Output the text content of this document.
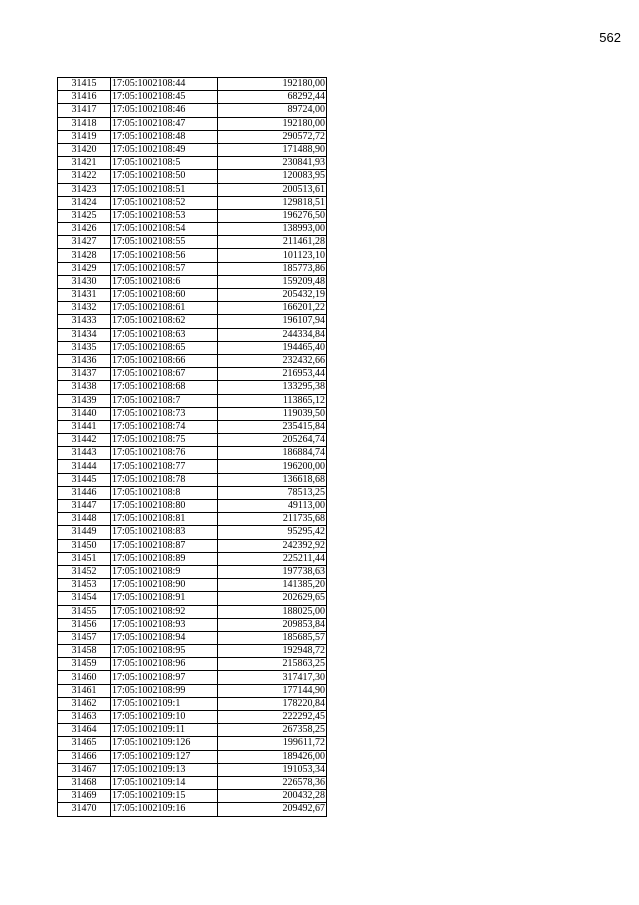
562
31415	17:05:1002108:44	192180,00
31416	17:05:1002108:45	68292,44
31417	17:05:1002108:46	89724,00
31418	17:05:1002108:47	192180,00
31419	17:05:1002108:48	290572,72
31420	17:05:1002108:49	171488,90
31421	17:05:1002108:5	230841,93
31422	17:05:1002108:50	120083,95
31423	17:05:1002108:51	200513,61
31424	17:05:1002108:52	129818,51
31425	17:05:1002108:53	196276,50
31426	17:05:1002108:54	138993,00
31427	17:05:1002108:55	211461,28
31428	17:05:1002108:56	101123,10
31429	17:05:1002108:57	185773,86
31430	17:05:1002108:6	159209,48
31431	17:05:1002108:60	205432,19
31432	17:05:1002108:61	166201,22
31433	17:05:1002108:62	196107,94
31434	17:05:1002108:63	244334,84
31435	17:05:1002108:65	194465,40
31436	17:05:1002108:66	232432,66
31437	17:05:1002108:67	216953,44
31438	17:05:1002108:68	133295,38
31439	17:05:1002108:7	113865,12
31440	17:05:1002108:73	119039,50
31441	17:05:1002108:74	235415,84
31442	17:05:1002108:75	205264,74
31443	17:05:1002108:76	186884,74
31444	17:05:1002108:77	196200,00
31445	17:05:1002108:78	136618,68
31446	17:05:1002108:8	78513,25
31447	17:05:1002108:80	49113,00
31448	17:05:1002108:81	211735,68
31449	17:05:1002108:83	95295,42
31450	17:05:1002108:87	242392,92
31451	17:05:1002108:89	225211,44
31452	17:05:1002108:9	197738,63
31453	17:05:1002108:90	141385,20
31454	17:05:1002108:91	202629,65
31455	17:05:1002108:92	188025,00
31456	17:05:1002108:93	209853,84
31457	17:05:1002108:94	185685,57
31458	17:05:1002108:95	192948,72
31459	17:05:1002108:96	215863,25
31460	17:05:1002108:97	317417,30
31461	17:05:1002108:99	177144,90
31462	17:05:1002109:1	178220,84
31463	17:05:1002109:10	222292,45
31464	17:05:1002109:11	267358,25
31465	17:05:1002109:126	199611,72
31466	17:05:1002109:127	189426,00
31467	17:05:1002109:13	191053,34
31468	17:05:1002109:14	226578,36
31469	17:05:1002109:15	200432,28
31470	17:05:1002109:16	209492,67
